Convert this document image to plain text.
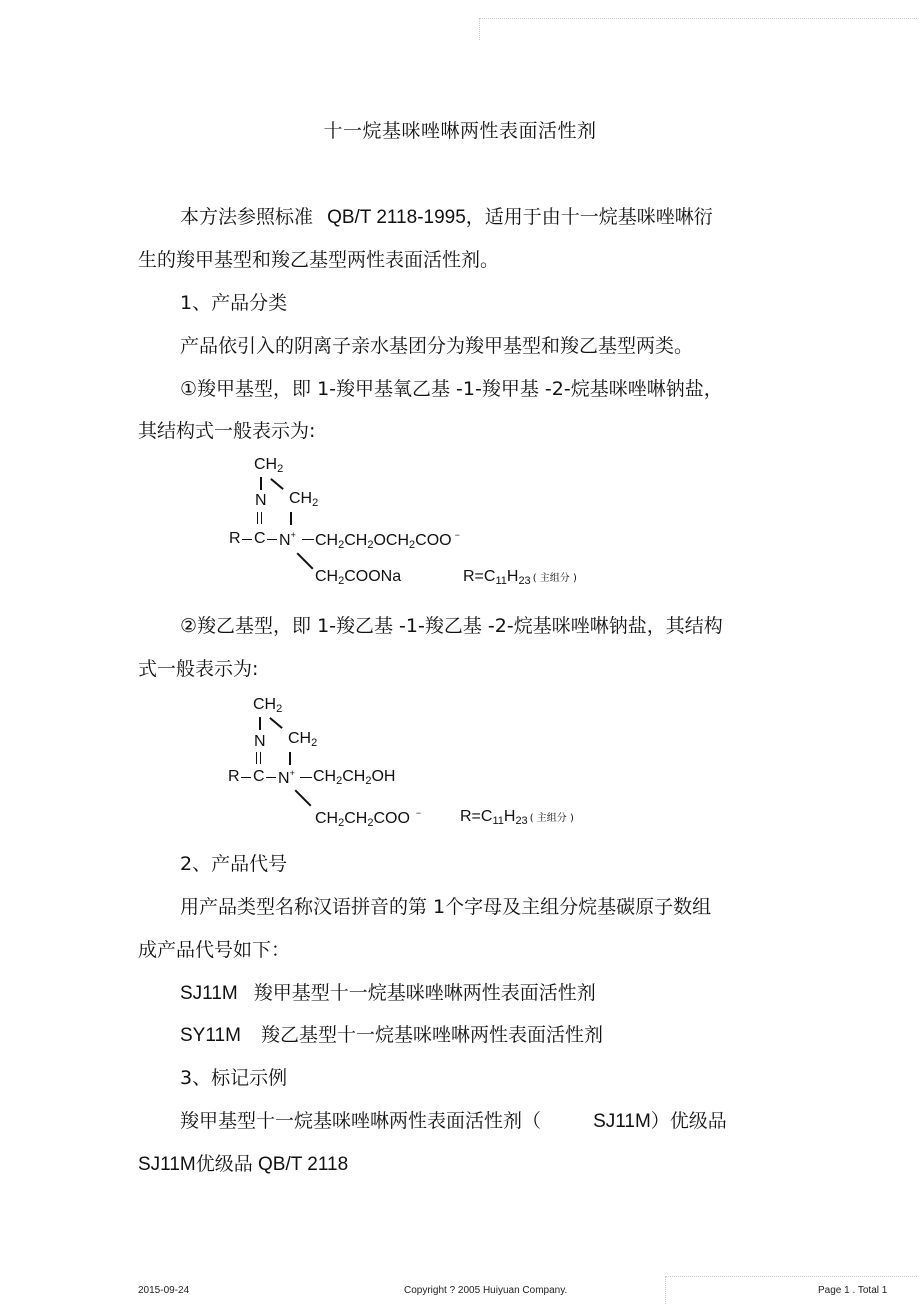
十一烷基咪唑啉两性表面活性剂
本方法参照标准 QB/T 2118-1995，适用于由十一烷基咪唑啉衍
生的羧甲基型和羧乙基型两性表面活性剂。
1、产品分类
产品依引入的阴离子亲水基团分为羧甲基型和羧乙基型两类。
①羧甲基型，即 1-羧甲基氧乙基 -1-羧甲基 -2-烷基咪唑啉钠盐，
其结构式一般表示为:
$CH_2$
N $CH_2$
R C N+ $CH_2CH_2OCH_2COO$ −
$CH_2COONa$	$R=C_{11}H_{23}$ ( 主组分 )
②羧乙基型，即 1-羧乙基 -1-羧乙基 -2-烷基咪唑啉钠盐，其结构
式一般表示为:
$CH_2$
N $CH_2$
R C N+ $CH_2CH_2OH$
$CH_2CH_2COO$ − $R=C_{11}H_{23}$ ( 主组分 )
2、产品代号
用产品类型名称汉语拼音的第 1个字母及主组分烷基碳原子数组
成产品代号如下：
SJ11M 羧甲基型十一烷基咪唑啉两性表面活性剂
SY11M 羧乙基型十一烷基咪唑啉两性表面活性剂
3、标记示例
羧甲基型十一烷基咪唑啉两性表面活性剂（	SJ11M）优级品
SJ11M优级品 QB/T 2118
2015-09-24	Copyright ? 2005 Huiyuan Company.	Page 1 . Total 1
